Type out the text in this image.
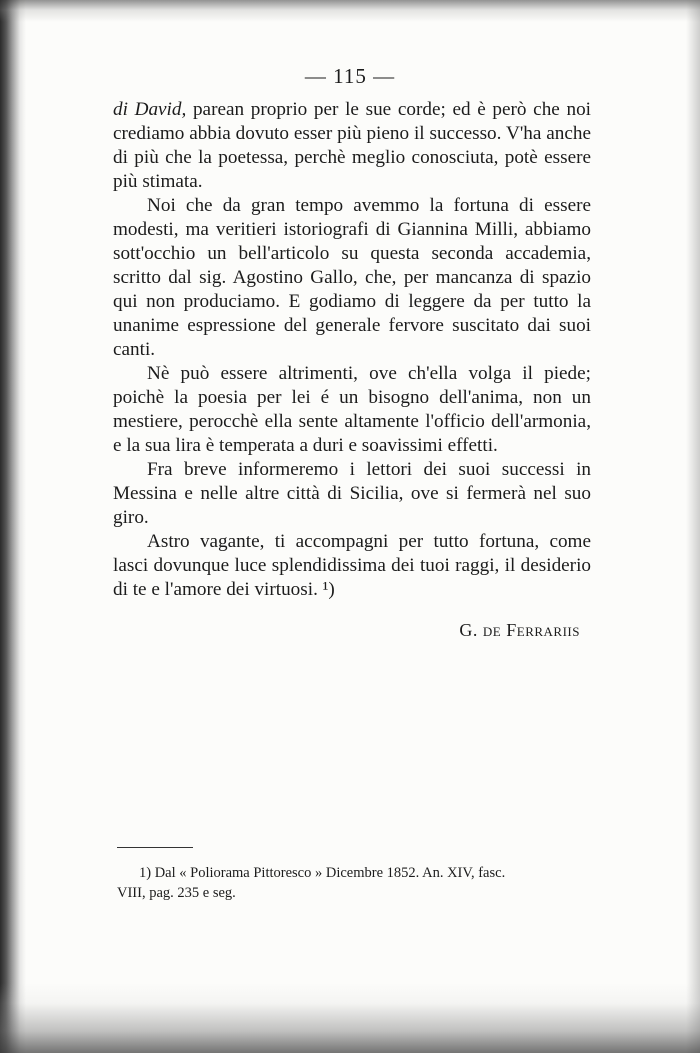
— 115 —

di David, parean proprio per le sue corde; ed è però che noi crediamo abbia dovuto esser più pieno il successo. V'ha anche di più che la poetessa, perchè meglio conosciuta, potè essere più stimata.

Noi che da gran tempo avemmo la fortuna di essere modesti, ma veritieri istoriografi di Giannina Milli, abbiamo sott'occhio un bell'articolo su questa seconda accademia, scritto dal sig. Agostino Gallo, che, per mancanza di spazio qui non produciamo. E godiamo di leggere da per tutto la unanime espressione del generale fervore suscitato dai suoi canti.

Nè può essere altrimenti, ove ch'ella volga il piede; poichè la poesia per lei é un bisogno dell'anima, non un mestiere, perocchè ella sente altamente l'officio dell'armonia, e la sua lira è temperata a duri e soavissimi effetti.

Fra breve informeremo i lettori dei suoi successi in Messina e nelle altre città di Sicilia, ove si fermerà nel suo giro.

Astro vagante, ti accompagni per tutto fortuna, come lasci dovunque luce splendidissima dei tuoi raggi, il desiderio di te e l'amore dei virtuosi. ¹)

G. de Ferrariis
1) Dal « Poliorama Pittoresco » Dicembre 1852. An. XIV, fasc.
VIII, pag. 235 e seg.
